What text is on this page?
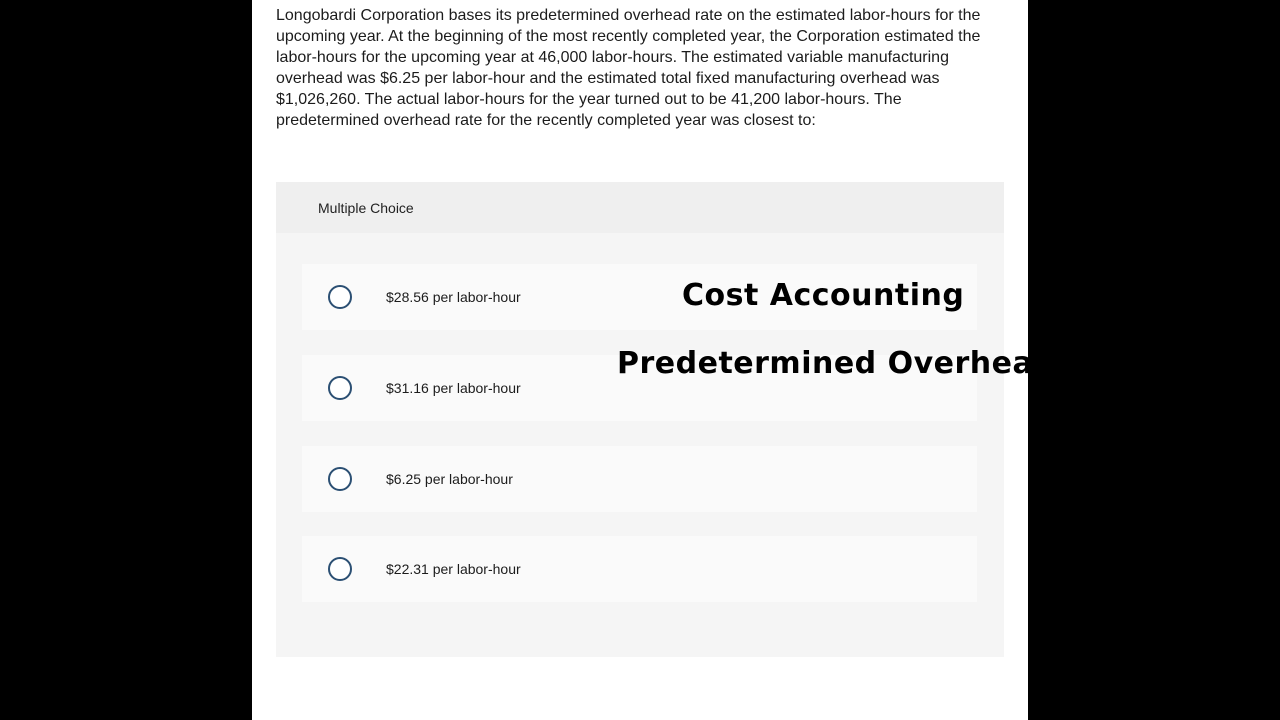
Longobardi Corporation bases its predetermined overhead rate on the estimated labor-hours for the upcoming year. At the beginning of the most recently completed year, the Corporation estimated the labor-hours for the upcoming year at 46,000 labor-hours. The estimated variable manufacturing overhead was $6.25 per labor-hour and the estimated total fixed manufacturing overhead was $1,026,260. The actual labor-hours for the year turned out to be 41,200 labor-hours. The predetermined overhead rate for the recently completed year was closest to:

Multiple Choice
$28.56 per labor-hour
$31.16 per labor-hour
$6.25 per labor-hour
$22.31 per labor-hour
Cost Accounting
Predetermined Overhead
